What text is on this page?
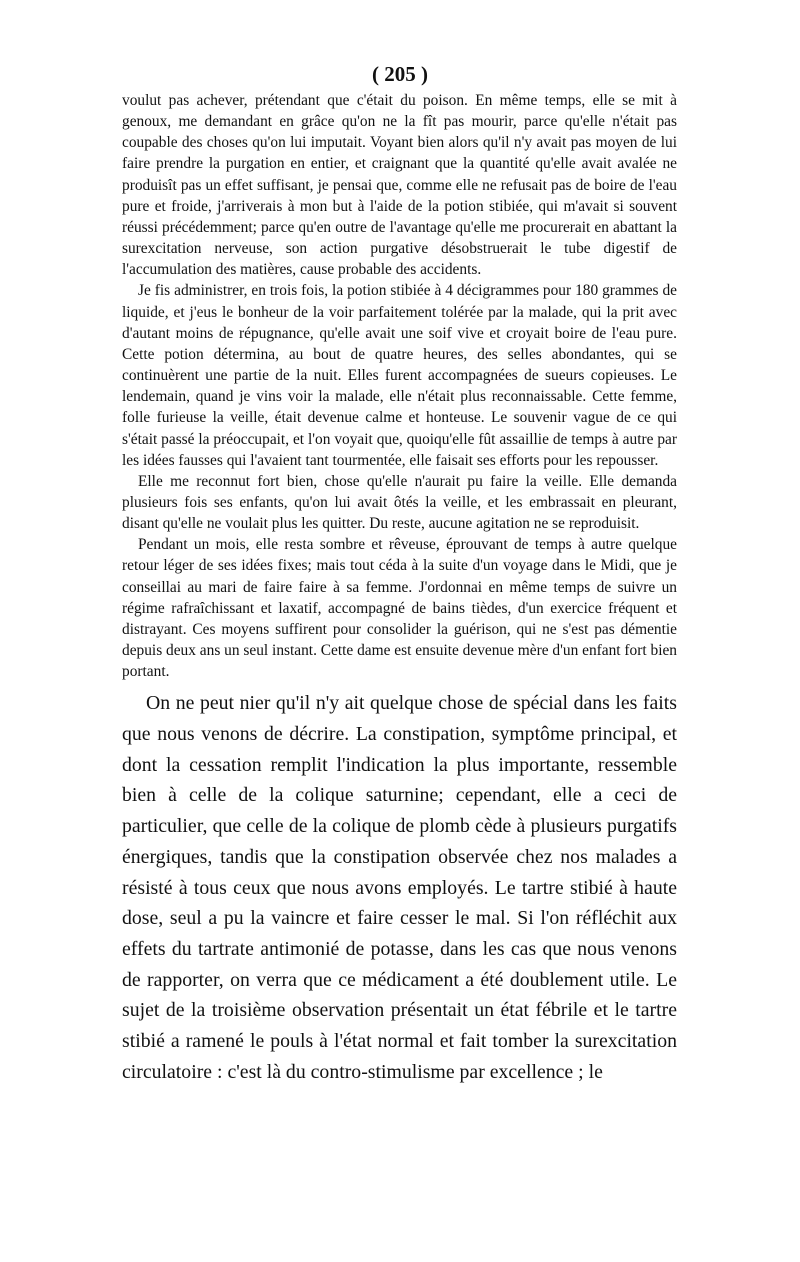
( 205 )

voulut pas achever, prétendant que c'était du poison. En même temps, elle se mit à genoux, me demandant en grâce qu'on ne la fît pas mourir, parce qu'elle n'était pas coupable des choses qu'on lui imputait. Voyant bien alors qu'il n'y avait pas moyen de lui faire prendre la purgation en entier, et craignant que la quantité qu'elle avait avalée ne produisît pas un effet suffisant, je pensai que, comme elle ne refusait pas de boire de l'eau pure et froide, j'arriverais à mon but à l'aide de la potion stibiée, qui m'avait si souvent réussi précédemment; parce qu'en outre de l'avantage qu'elle me procurerait en abattant la surexcitation nerveuse, son action purgative désobstruerait le tube digestif de l'accumulation des matières, cause probable des accidents.

Je fis administrer, en trois fois, la potion stibiée à 4 décigrammes pour 180 grammes de liquide, et j'eus le bonheur de la voir parfaitement tolérée par la malade, qui la prit avec d'autant moins de répugnance, qu'elle avait une soif vive et croyait boire de l'eau pure. Cette potion détermina, au bout de quatre heures, des selles abondantes, qui se continuèrent une partie de la nuit. Elles furent accompagnées de sueurs copieuses. Le lendemain, quand je vins voir la malade, elle n'était plus reconnaissable. Cette femme, folle furieuse la veille, était devenue calme et honteuse. Le souvenir vague de ce qui s'était passé la préoccupait, et l'on voyait que, quoiqu'elle fût assaillie de temps à autre par les idées fausses qui l'avaient tant tourmentée, elle faisait ses efforts pour les repousser.

Elle me reconnut fort bien, chose qu'elle n'aurait pu faire la veille. Elle demanda plusieurs fois ses enfants, qu'on lui avait ôtés la veille, et les embrassait en pleurant, disant qu'elle ne voulait plus les quitter. Du reste, aucune agitation ne se reproduisit.

Pendant un mois, elle resta sombre et rêveuse, éprouvant de temps à autre quelque retour léger de ses idées fixes; mais tout céda à la suite d'un voyage dans le Midi, que je conseillai au mari de faire faire à sa femme. J'ordonnai en même temps de suivre un régime rafraîchissant et laxatif, accompagné de bains tièdes, d'un exercice fréquent et distrayant. Ces moyens suffirent pour consolider la guérison, qui ne s'est pas démentie depuis deux ans un seul instant. Cette dame est ensuite devenue mère d'un enfant fort bien portant.

On ne peut nier qu'il n'y ait quelque chose de spécial dans les faits que nous venons de décrire. La constipation, symptôme principal, et dont la cessation remplit l'indication la plus importante, ressemble bien à celle de la colique saturnine; cependant, elle a ceci de particulier, que celle de la colique de plomb cède à plusieurs purgatifs énergiques, tandis que la constipation observée chez nos malades a résisté à tous ceux que nous avons employés. Le tartre stibié à haute dose, seul a pu la vaincre et faire cesser le mal. Si l'on réfléchit aux effets du tartrate antimonié de potasse, dans les cas que nous venons de rapporter, on verra que ce médicament a été doublement utile. Le sujet de la troisième observation présentait un état fébrile et le tartre stibié a ramené le pouls à l'état normal et fait tomber la surexcitation circulatoire : c'est là du contro-stimulisme par excellence ; le
